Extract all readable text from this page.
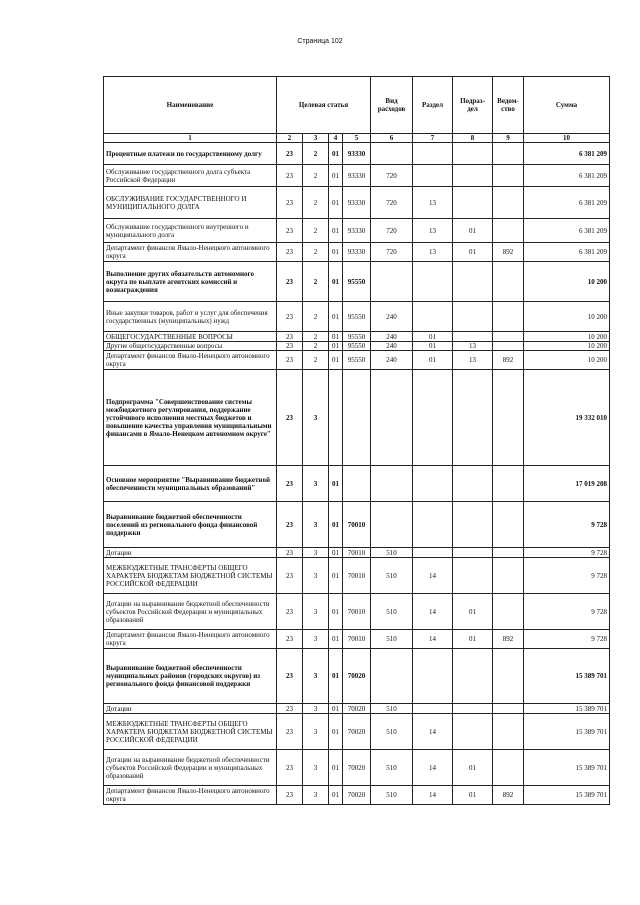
Страница 102
Наименование	Целевая статья				Вид расходов	Раздел	Подраз-дел	Ведом-ство	Сумма
1	2	3	4	5	6	7	8	9	10
Процентные платежи по государственному долгу	23	2	01	93330					6 381 209
Обслуживание государственного долга субъекта Российской Федерации	23	2	01	93330	720				6 381 209
ОБСЛУЖИВАНИЕ ГОСУДАРСТВЕННОГО И МУНИЦИПАЛЬНОГО ДОЛГА	23	2	01	93330	720	13			6 381 209
Обслуживание государственного внутреннего и муниципального долга	23	2	01	93330	720	13	01		6 381 209
Департамент финансов Ямало-Ненецкого автономного округа	23	2	01	93330	720	13	01	892	6 381 209
Выполнение других обязательств автономного округа по выплате агентских комиссий и вознаграждения	23	2	01	95550					10 200
Иные закупки товаров, работ и услуг для обеспечения государственных (муниципальных) нужд	23	2	01	95550	240				10 200
ОБЩЕГОСУДАРСТВЕННЫЕ ВОПРОСЫ	23	2	01	95550	240	01			10 200
Другие общегосударственные вопросы	23	2	01	95550	240	01	13		10 200
Департамент финансов Ямало-Ненецкого автономного округа	23	2	01	95550	240	01	13	892	10 200
Подпрограмма "Совершенствование системы межбюджетного регулирования, поддержание устойчивого исполнения местных бюджетов и повышение качества управления муниципальными финансами в Ямало-Ненецком автономном округе"	23	3							19 332 010
Основное мероприятие "Выравнивание бюджетной обеспеченности муниципальных образований"	23	3	01						17 019 208
Выравнивание бюджетной обеспеченности поселений из регионального фонда финансовой поддержки	23	3	01	70010					9 728
Дотации	23	3	01	70010	510				9 728
МЕЖБЮДЖЕТНЫЕ ТРАНСФЕРТЫ ОБЩЕГО ХАРАКТЕРА БЮДЖЕТАМ БЮДЖЕТНОЙ СИСТЕМЫ РОССИЙСКОЙ ФЕДЕРАЦИИ	23	3	01	70010	510	14			9 728
Дотации на выравнивание бюджетной обеспеченности субъектов Российской Федерации и муниципальных образований	23	3	01	70010	510	14	01		9 728
Департамент финансов Ямало-Ненецкого автономного округа	23	3	01	70010	510	14	01	892	9 728
Выравнивание бюджетной обеспеченности муниципальных районов (городских округов) из регионального фонда финансовой поддержки	23	3	01	70020					15 389 701
Дотации	23	3	01	70020	510				15 389 701
МЕЖБЮДЖЕТНЫЕ ТРАНСФЕРТЫ ОБЩЕГО ХАРАКТЕРА БЮДЖЕТАМ БЮДЖЕТНОЙ СИСТЕМЫ РОССИЙСКОЙ ФЕДЕРАЦИИ	23	3	01	70020	510	14			15 389 701
Дотации на выравнивание бюджетной обеспеченности субъектов Российской Федерации и муниципальных образований	23	3	01	70020	510	14	01		15 389 701
Департамент финансов Ямало-Ненецкого автономного округа	23	3	01	70020	510	14	01	892	15 389 701
